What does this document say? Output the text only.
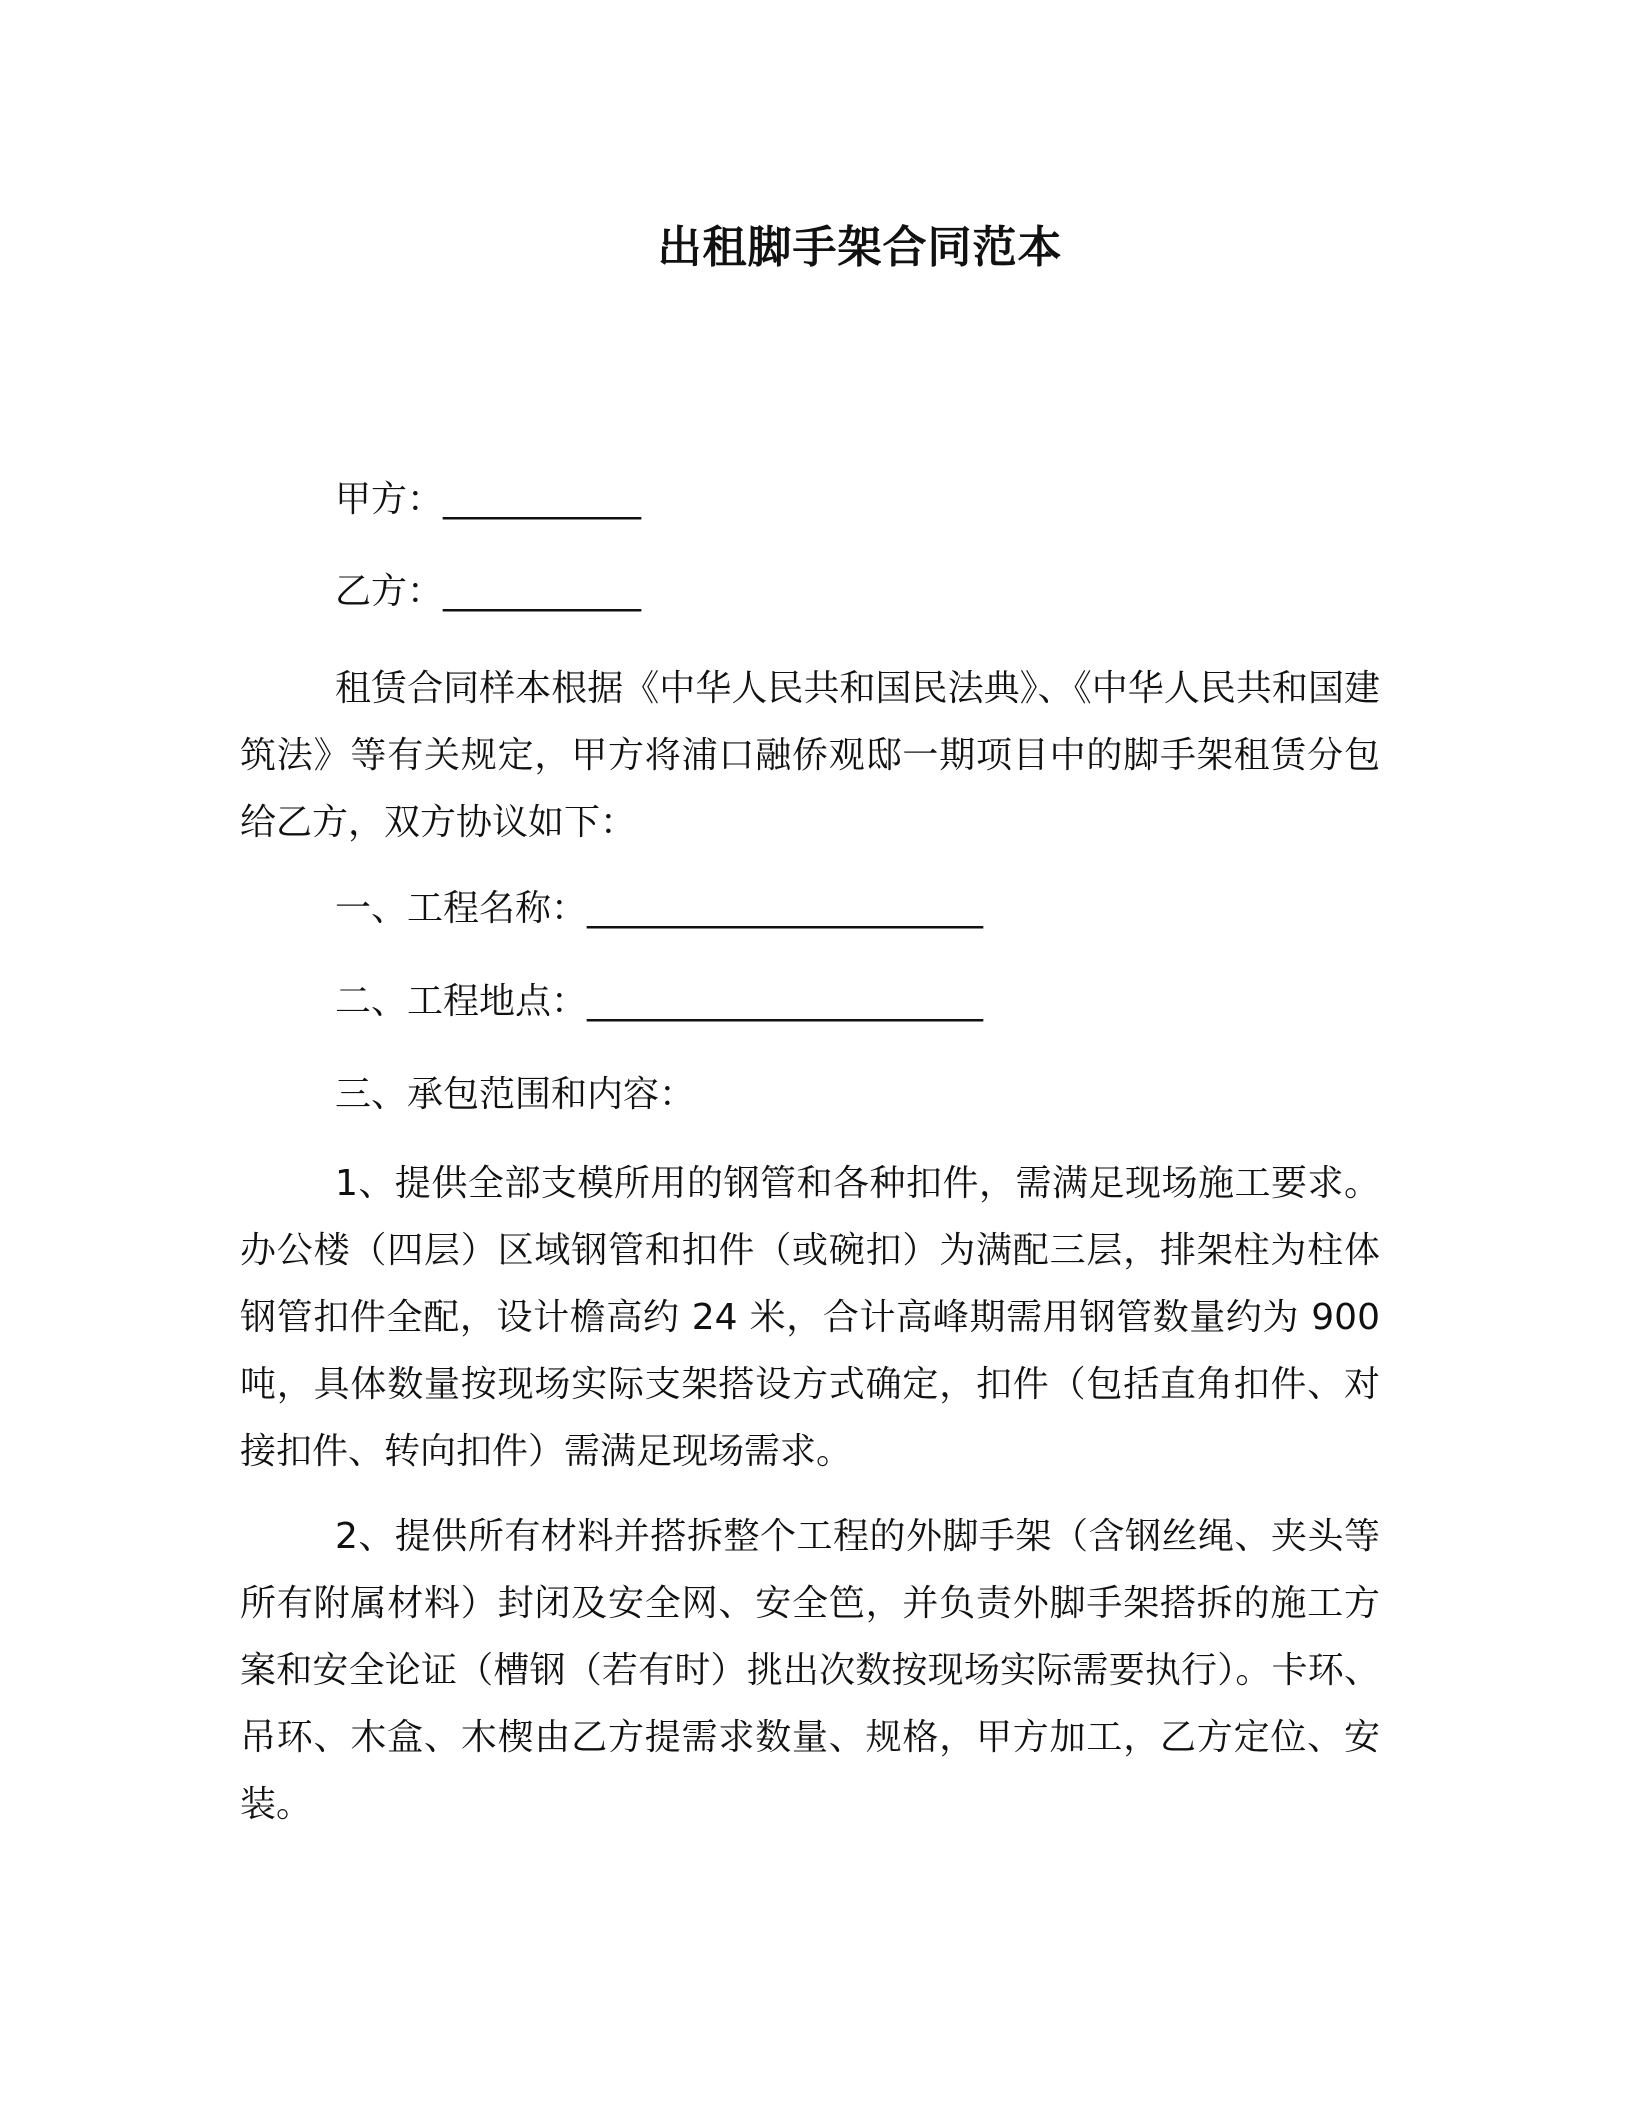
出租脚手架合同范本
甲方：___________
乙方：___________
租赁合同样本根据《中华人民共和国民法典》、《中华人民共和国建筑法》等有关规定，甲方将浦口融侨观邸一期项目中的脚手架租赁分包给乙方，双方协议如下：
一、工程名称：______________________
二、工程地点：______________________
三、承包范围和内容：
1、提供全部支模所用的钢管和各种扣件，需满足现场施工要求。办公楼（四层）区域钢管和扣件（或碗扣）为满配三层，排架柱为柱体钢管扣件全配，设计檐高约 24 米，合计高峰期需用钢管数量约为 900 吨，具体数量按现场实际支架搭设方式确定，扣件（包括直角扣件、对接扣件、转向扣件）需满足现场需求。
2、提供所有材料并搭拆整个工程的外脚手架（含钢丝绳、夹头等所有附属材料）封闭及安全网、安全笆，并负责外脚手架搭拆的施工方案和安全论证（槽钢（若有时）挑出次数按现场实际需要执行）。卡环、吊环、木盒、木楔由乙方提需求数量、规格，甲方加工，乙方定位、安装。
